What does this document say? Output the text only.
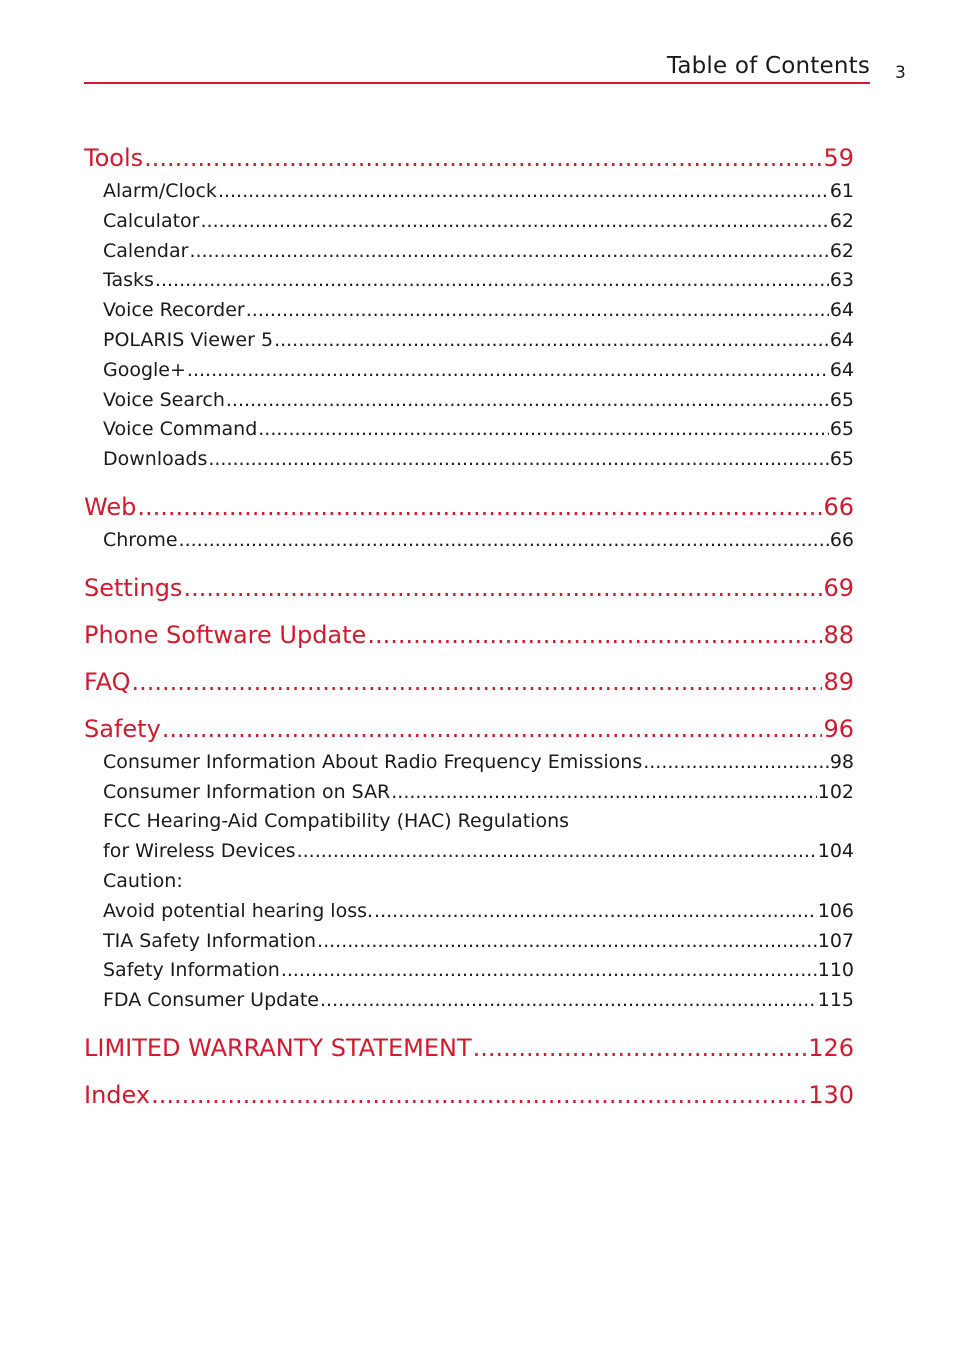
Table of Contents 3
Tools .....	59
Alarm/Clock .....	61
Calculator .....	62
Calendar .....	62
Tasks .....	63
Voice Recorder .....	64
POLARIS Viewer 5 .....	64
Google+ .....	64
Voice Search .....	65
Voice Command .....	65
Downloads .....	65
Web .....	66
Chrome .....	66
Settings .....	69
Phone Software Update .....	88
FAQ .....	89
Safety .....	96
Consumer Information About Radio Frequency Emissions .....	98
Consumer Information on SAR .....	102
FCC Hearing-Aid Compatibility (HAC) Regulations
for Wireless Devices .....	104
Caution:
Avoid potential hearing loss. .....	106
TIA Safety Information .....	107
Safety Information .....	110
FDA Consumer Update .....	115
LIMITED WARRANTY STATEMENT .....	126
Index .....	130
